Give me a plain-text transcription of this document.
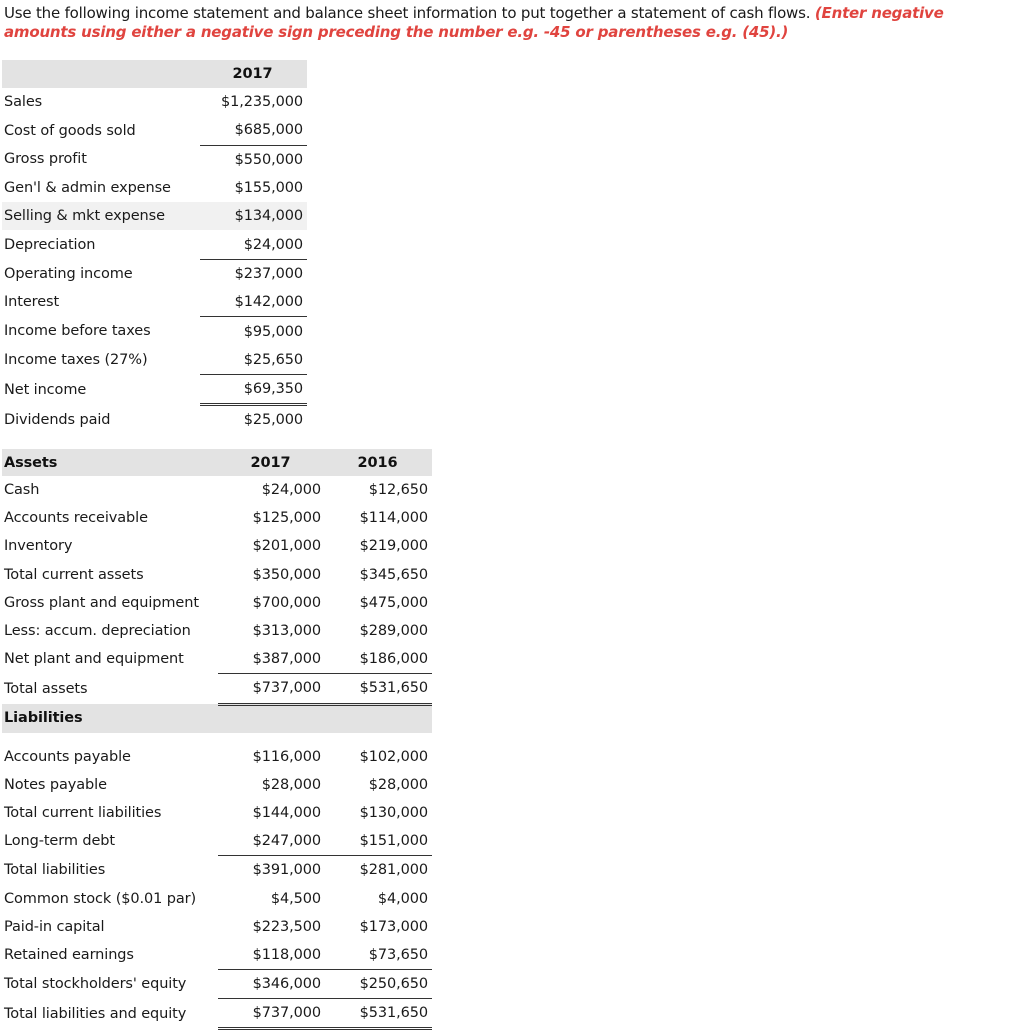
Use the following income statement and balance sheet information to put together a statement of cash flows. (Enter negative amounts using either a negative sign preceding the number e.g. -45 or parentheses e.g. (45).)
	2017
Sales	$1,235,000
Cost of goods sold	$685,000
Gross profit	$550,000
Gen'l & admin expense	$155,000
Selling & mkt expense	$134,000
Depreciation	$24,000
Operating income	$237,000
Interest	$142,000
Income before taxes	$95,000
Income taxes (27%)	$25,650
Net income	$69,350
Dividends paid	$25,000
Assets	2017	2016
Cash	$24,000	$12,650
Accounts receivable	$125,000	$114,000
Inventory	$201,000	$219,000
Total current assets	$350,000	$345,650
Gross plant and equipment	$700,000	$475,000
Less: accum. depreciation	$313,000	$289,000
Net plant and equipment	$387,000	$186,000
Total assets	$737,000	$531,650
Liabilities		

Accounts payable	$116,000	$102,000
Notes payable	$28,000	$28,000
Total current liabilities	$144,000	$130,000
Long-term debt	$247,000	$151,000
Total liabilities	$391,000	$281,000
Common stock ($0.01 par)	$4,500	$4,000
Paid-in capital	$223,500	$173,000
Retained earnings	$118,000	$73,650
Total stockholders' equity	$346,000	$250,650
Total liabilities and equity	$737,000	$531,650
